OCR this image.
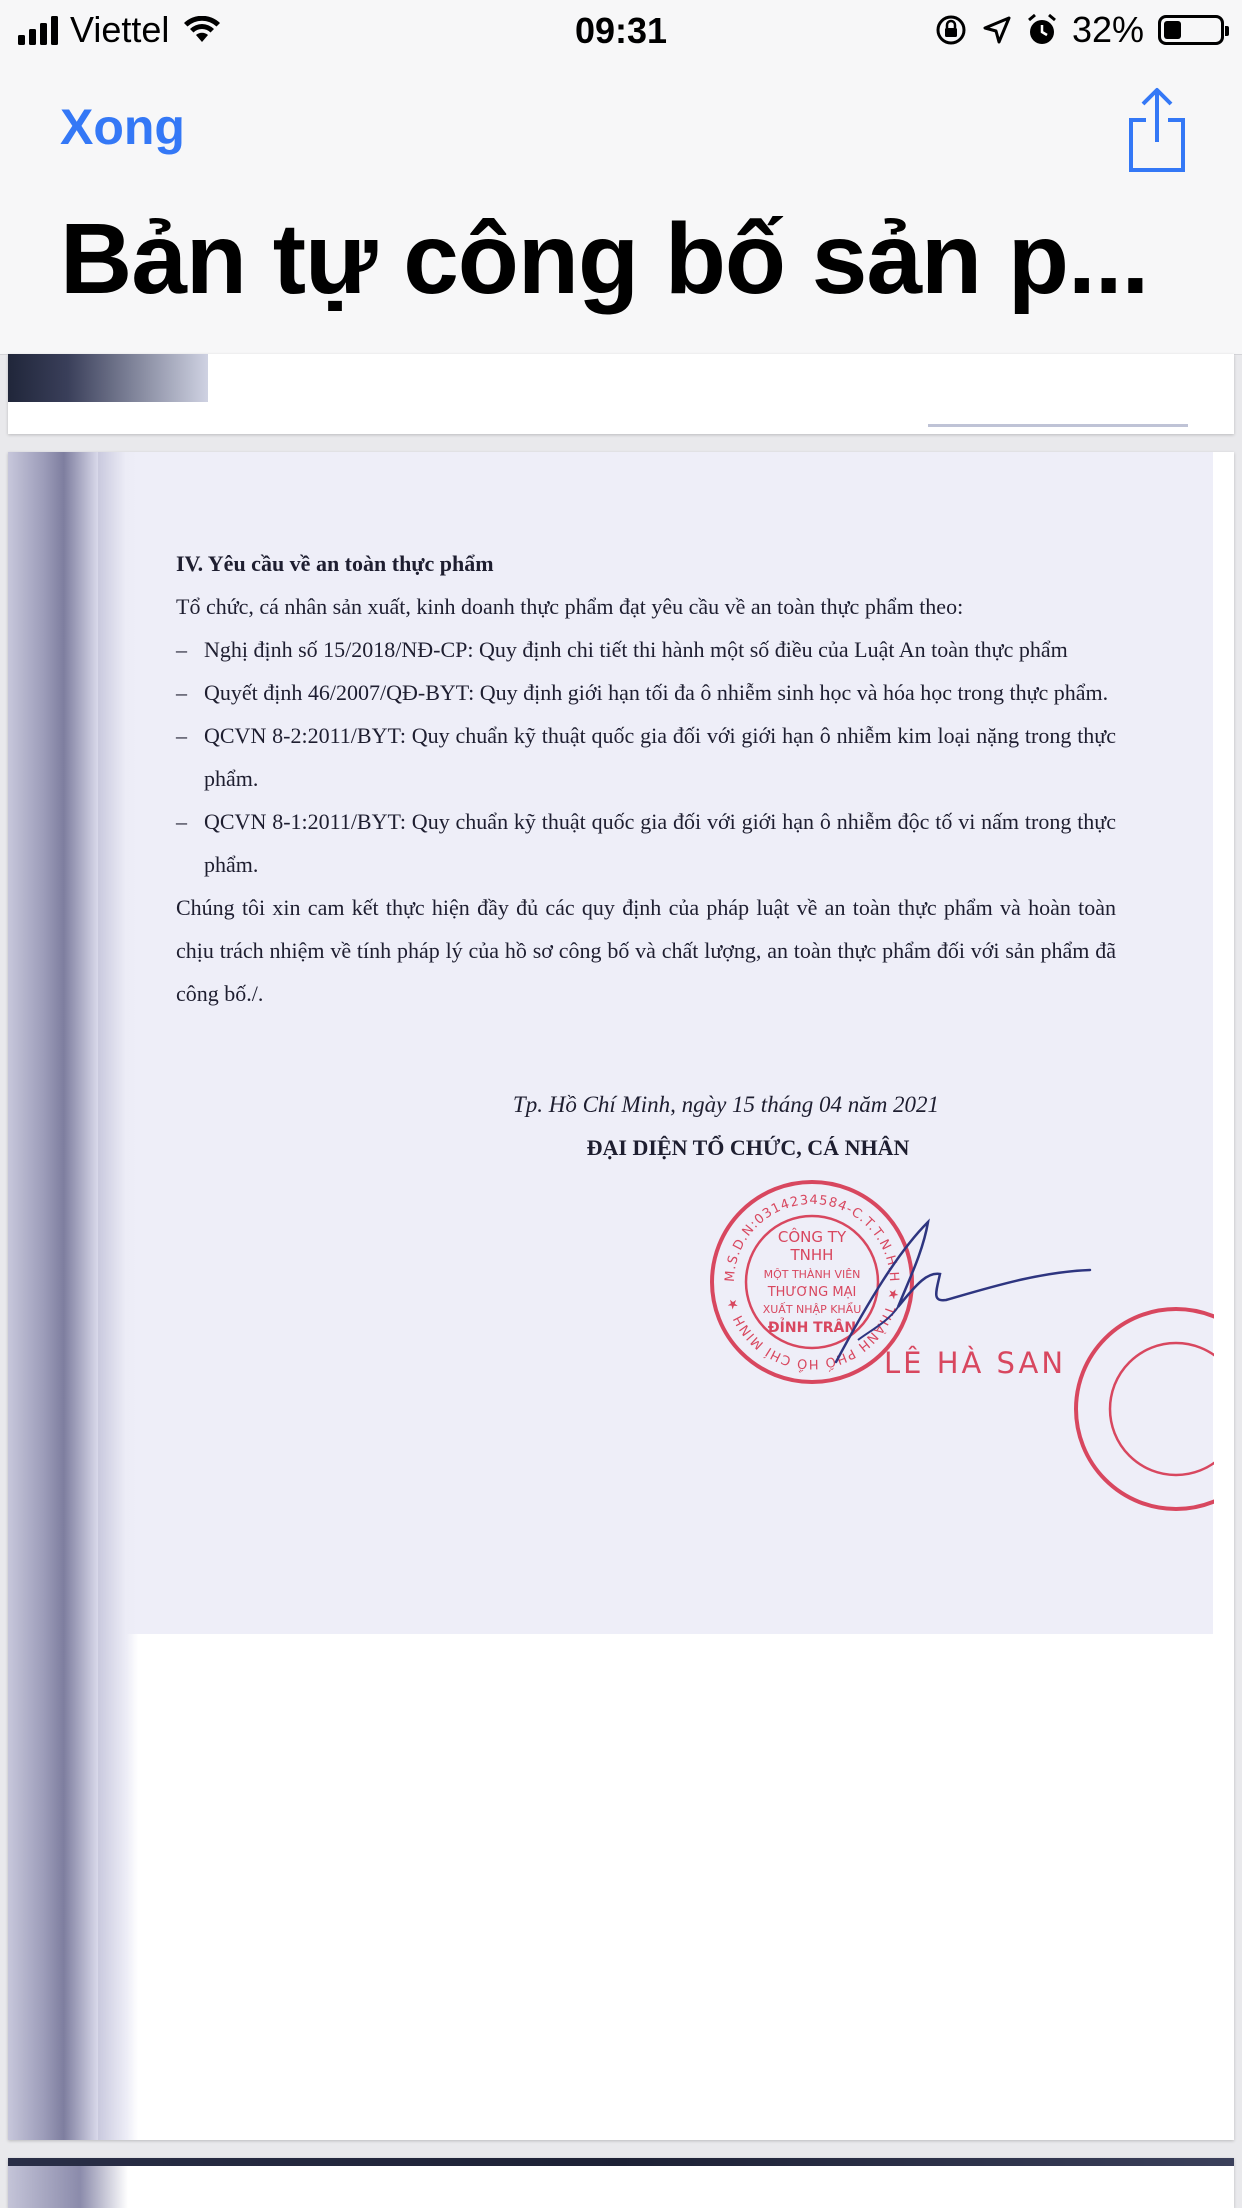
Viettel	09:31	32%
Xong
Bản tự công bố sản p...
IV. Yêu cầu về an toàn thực phẩm
Tổ chức, cá nhân sản xuất, kinh doanh thực phẩm đạt yêu cầu về an toàn thực phẩm theo:
– Nghị định số 15/2018/NĐ-CP: Quy định chi tiết thi hành một số điều của Luật An toàn thực phẩm
– Quyết định 46/2007/QĐ-BYT: Quy định giới hạn tối đa ô nhiễm sinh học và hóa học trong thực phẩm.
– QCVN 8-2:2011/BYT: Quy chuẩn kỹ thuật quốc gia đối với giới hạn ô nhiễm kim loại nặng trong thực phẩm.
– QCVN 8-1:2011/BYT: Quy chuẩn kỹ thuật quốc gia đối với giới hạn ô nhiễm độc tố vi nấm trong thực phẩm.
Chúng tôi xin cam kết thực hiện đầy đủ các quy định của pháp luật về an toàn thực phẩm và hoàn toàn chịu trách nhiệm về tính pháp lý của hồ sơ công bố và chất lượng, an toàn thực phẩm đối với sản phẩm đã công bố./.
Tp. Hồ Chí Minh, ngày 15 tháng 04 năm 2021
ĐẠI DIỆN TỔ CHỨC, CÁ NHÂN
M.S.D.N:0314234584-C.T.T.N.H.H ★ THÀNH PHỐ HỒ CHÍ MINH ★
CÔNG TY
TNHH
MỘT THÀNH VIÊN
THƯƠNG MẠI
XUẤT NHẬP KHẨU
ĐỈNH TRÂN
LÊ HÀ SAN
